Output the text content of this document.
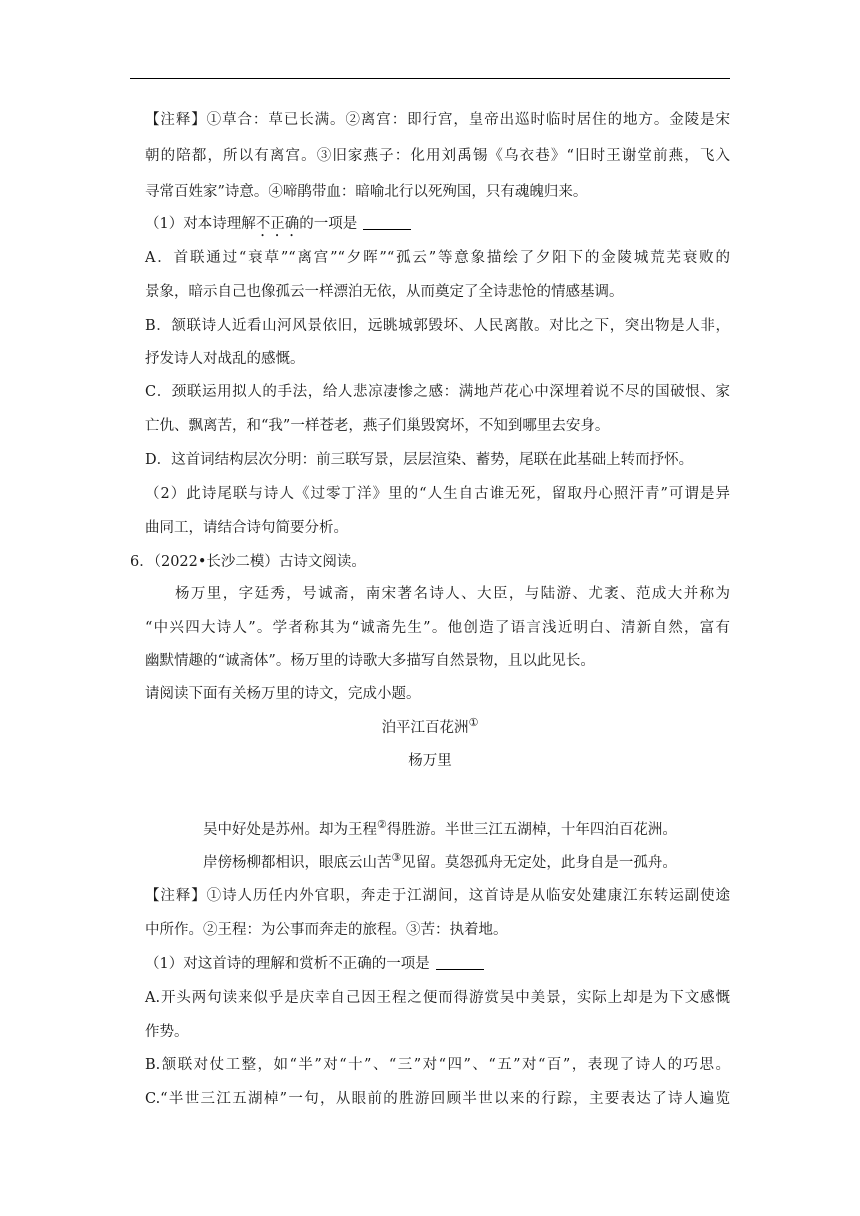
【注释】①草合：草已长满。②离宫：即行宫，皇帝出巡时临时居住的地方。金陵是宋
朝的陪都，所以有离宫。③旧家燕子：化用刘禹锡《乌衣巷》“旧时王谢堂前燕，飞入
寻常百姓家”诗意。④啼鹃带血：暗喻北行以死殉国，只有魂魄归来。
（1）对本诗理解不正确的一项是
A．首联通过“衰草”“离宫”“夕晖”“孤云”等意象描绘了夕阳下的金陵城荒芜衰败的
景象，暗示自己也像孤云一样漂泊无依，从而奠定了全诗悲怆的情感基调。
B．颔联诗人近看山河风景依旧，远眺城郭毁坏、人民离散。对比之下，突出物是人非，
抒发诗人对战乱的感慨。
C．颈联运用拟人的手法，给人悲凉凄惨之感：满地芦花心中深埋着说不尽的国破恨、家
亡仇、飘离苦，和“我”一样苍老，燕子们巢毁窝坏，不知到哪里去安身。
D．这首词结构层次分明：前三联写景，层层渲染、蓄势，尾联在此基础上转而抒怀。
（2）此诗尾联与诗人《过零丁洋》里的“人生自古谁无死，留取丹心照汗青”可谓是异
曲同工，请结合诗句简要分析。
6．（2022•长沙二模）古诗文阅读。
杨万里，字廷秀，号诚斋，南宋著名诗人、大臣，与陆游、尤袤、范成大并称为
“中兴四大诗人”。学者称其为“诚斋先生”。他创造了语言浅近明白、清新自然，富有
幽默情趣的“诚斋体”。杨万里的诗歌大多描写自然景物，且以此见长。
请阅读下面有关杨万里的诗文，完成小题。
泊平江百花洲①
杨万里
吴中好处是苏州。却为王程②得胜游。半世三江五湖棹，十年四泊百花洲。
岸傍杨柳都相识，眼底云山苦③见留。莫怨孤舟无定处，此身自是一孤舟。
【注释】①诗人历任内外官职，奔走于江湖间，这首诗是从临安处建康江东转运副使途
中所作。②王程：为公事而奔走的旅程。③苦：执着地。
（1）对这首诗的理解和赏析不正确的一项是
A.开头两句读来似乎是庆幸自己因王程之便而得游赏吴中美景，实际上却是为下文感慨
作势。
B.颔联对仗工整，如“半”对“十”、“三”对“四”、“五”对“百”，表现了诗人的巧思。
C.“半世三江五湖棹”一句，从眼前的胜游回顾半世以来的行踪，主要表达了诗人遍览
